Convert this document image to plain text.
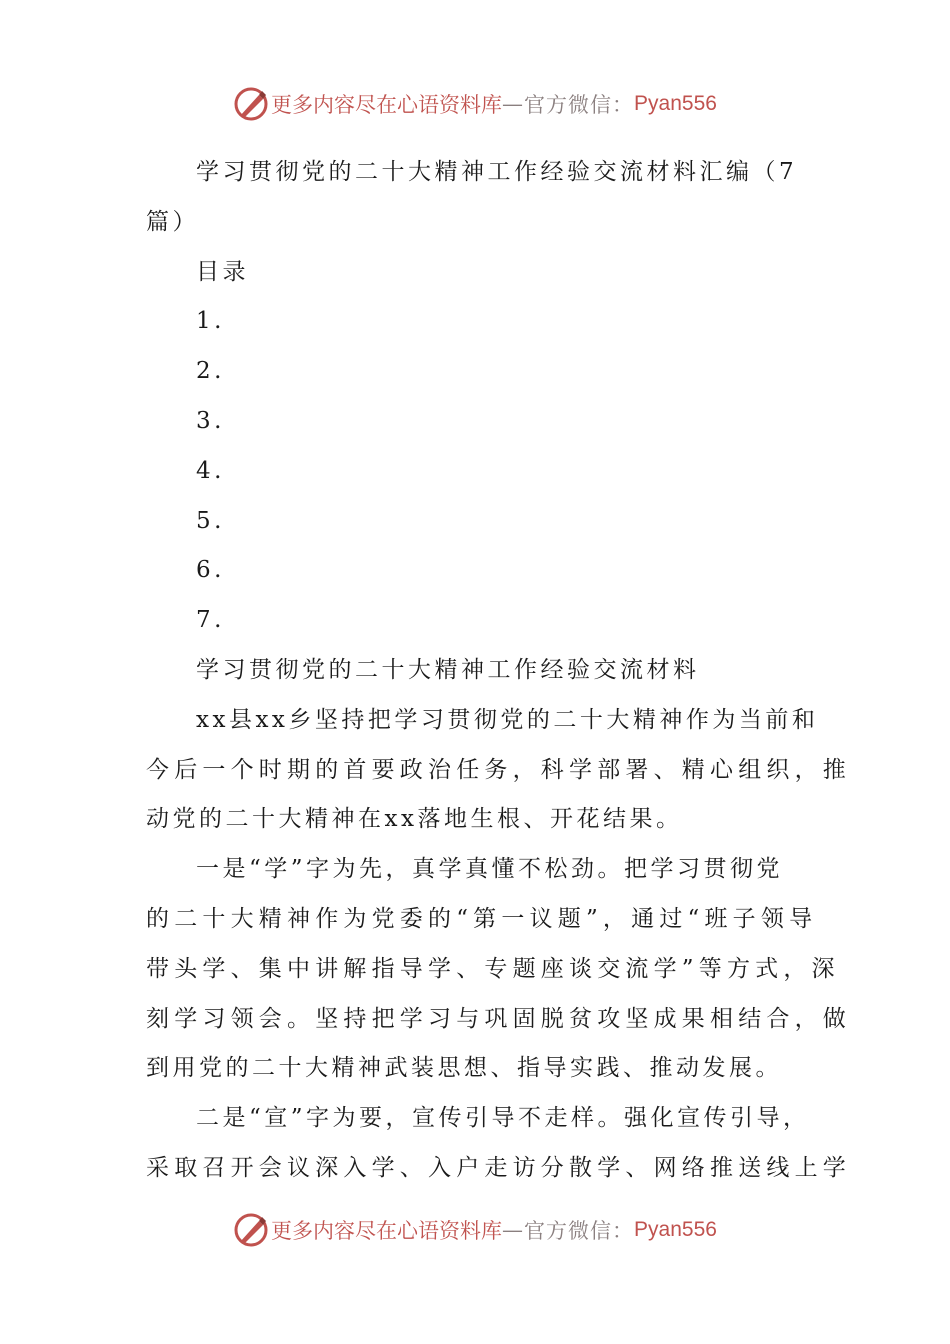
更多内容尽在心语资料库 — 官方微信： Pyan556
学习贯彻党的二十大精神工作经验交流材料汇编（7
篇）
目录
1.
2.
3.
4.
5.
6.
7.
学习贯彻党的二十大精神工作经验交流材料
xx县xx乡坚持把学习贯彻党的二十大精神作为当前和
今后一个时期的首要政治任务，科学部署、精心组织，推
动党的二十大精神在xx落地生根、开花结果。
一是“学”字为先，真学真懂不松劲。把学习贯彻党
的二十大精神作为党委的“第一议题”，通过“班子领导
带头学、集中讲解指导学、专题座谈交流学”等方式，深
刻学习领会。坚持把学习与巩固脱贫攻坚成果相结合，做
到用党的二十大精神武装思想、指导实践、推动发展。
二是“宣”字为要，宣传引导不走样。强化宣传引导，
采取召开会议深入学、入户走访分散学、网络推送线上学
更多内容尽在心语资料库 — 官方微信： Pyan556
